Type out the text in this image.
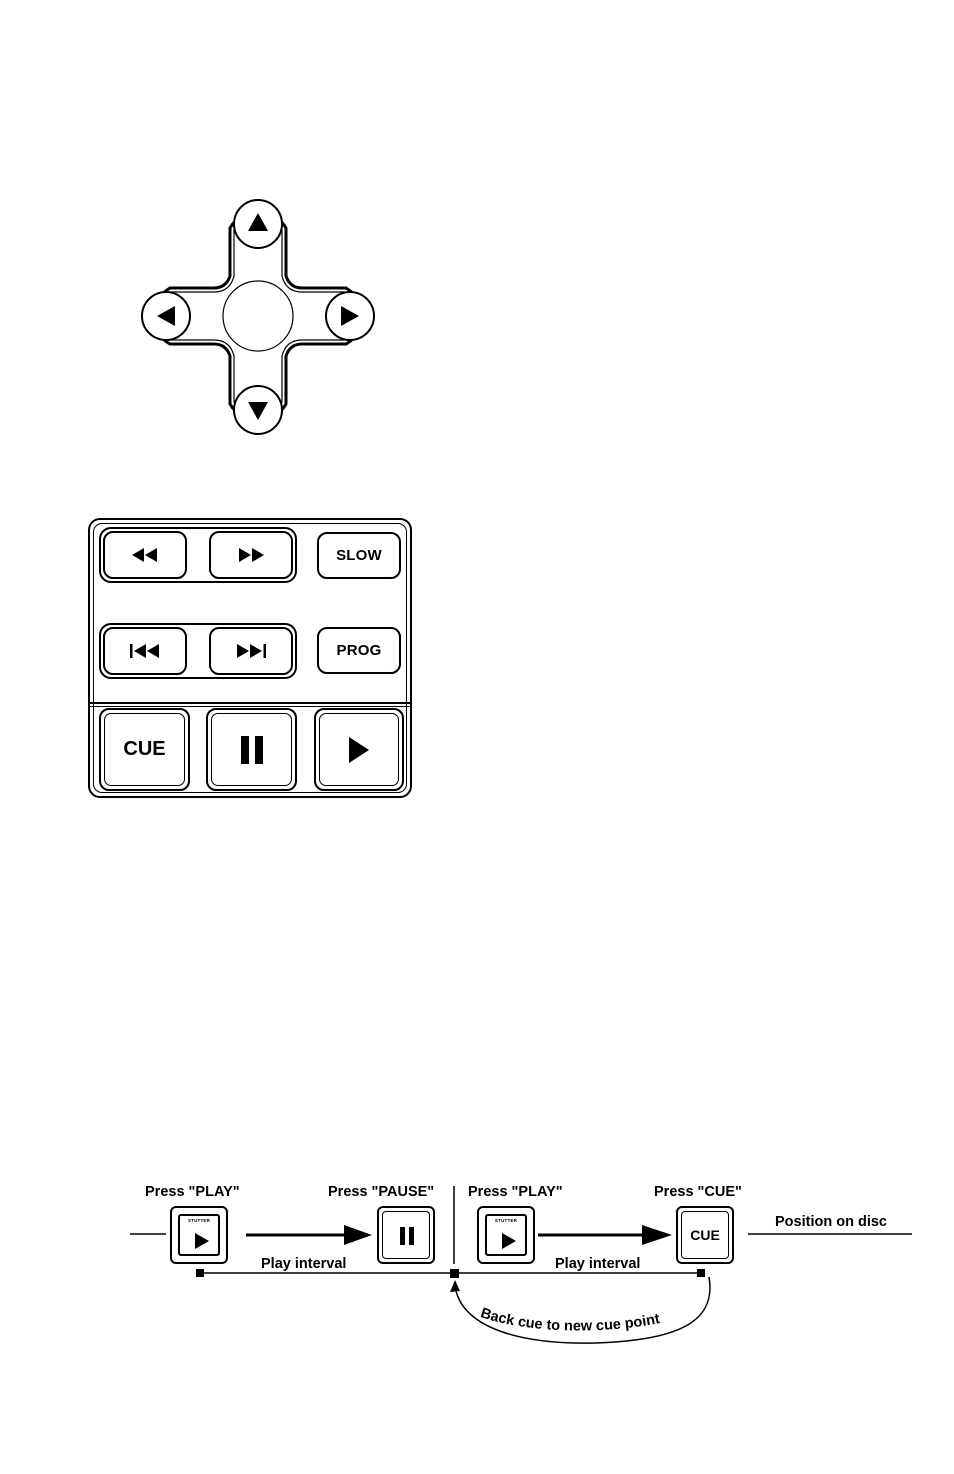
SLOW
PROG
CUE
Press "PLAY"	Press "PAUSE" Press "PLAY"	Press "CUE"
Position on disc
Play interval	Play interval
STUTTER	STUTTER
CUE
Back cue to new cue point
